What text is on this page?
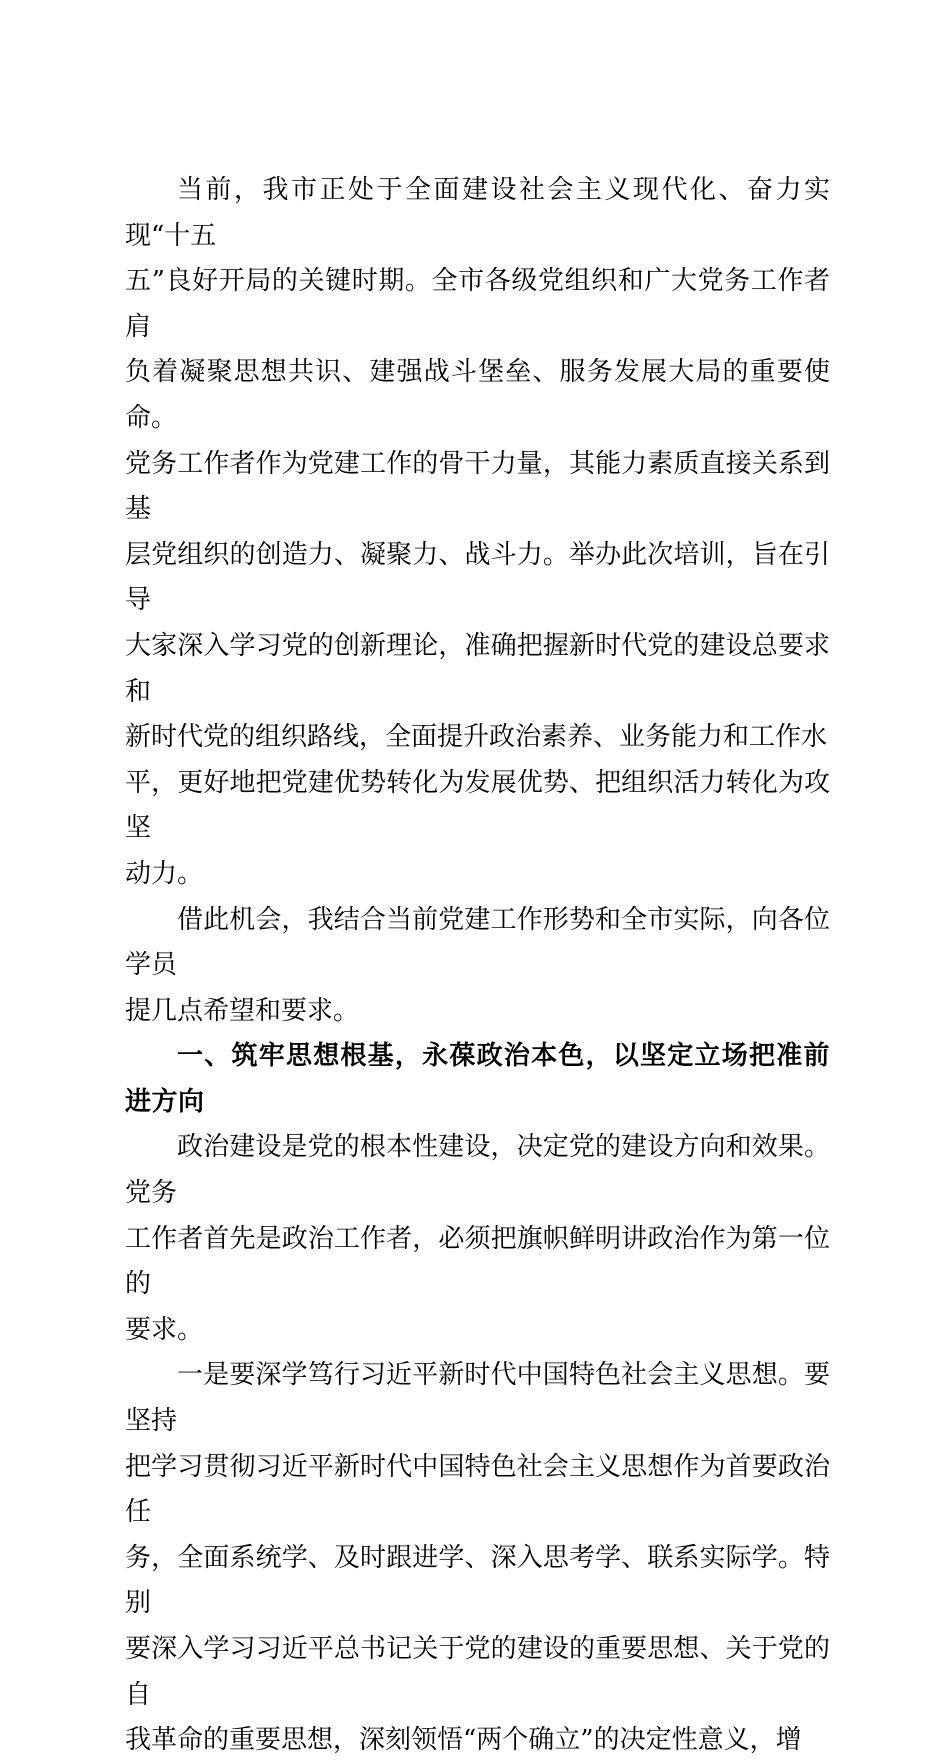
当前，我市正处于全面建设社会主义现代化、奋力实现“十五
五”良好开局的关键时期。全市各级党组织和广大党务工作者肩
负着凝聚思想共识、建强战斗堡垒、服务发展大局的重要使命。
党务工作者作为党建工作的骨干力量，其能力素质直接关系到基
层党组织的创造力、凝聚力、战斗力。举办此次培训，旨在引导
大家深入学习党的创新理论，准确把握新时代党的建设总要求和
新时代党的组织路线，全面提升政治素养、业务能力和工作水
平，更好地把党建优势转化为发展优势、把组织活力转化为攻坚
动力。

借此机会，我结合当前党建工作形势和全市实际，向各位学员
提几点希望和要求。

一、筑牢思想根基，永葆政治本色，以坚定立场把准前进方向

政治建设是党的根本性建设，决定党的建设方向和效果。党务
工作者首先是政治工作者，必须把旗帜鲜明讲政治作为第一位的
要求。

一是要深学笃行习近平新时代中国特色社会主义思想。要坚持
把学习贯彻习近平新时代中国特色社会主义思想作为首要政治任
务，全面系统学、及时跟进学、深入思考学、联系实际学。特别
要深入学习习近平总书记关于党的建设的重要思想、关于党的自
我革命的重要思想，深刻领悟“两个确立”的决定性意义，增
